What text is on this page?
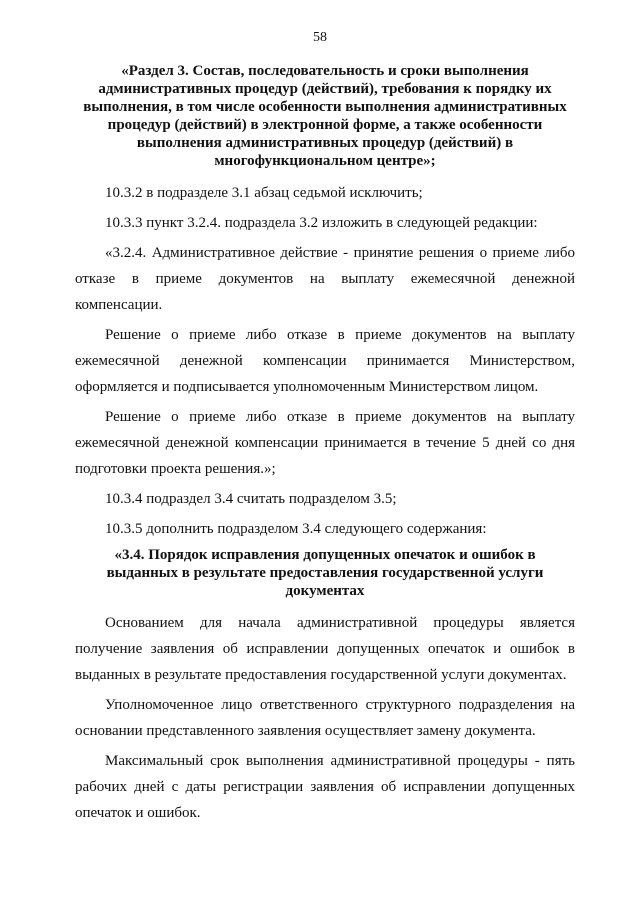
58
«Раздел 3. Состав, последовательность и сроки выполнения административных процедур (действий), требования к порядку их выполнения, в том числе особенности выполнения административных процедур (действий) в электронной форме, а также особенности выполнения административных процедур (действий) в многофункциональном центре»;
10.3.2 в подразделе 3.1 абзац седьмой исключить;
10.3.3 пункт 3.2.4. подраздела 3.2 изложить в следующей редакции:
«3.2.4. Административное действие - принятие решения о приеме либо
отказе в приеме документов на выплату ежемесячной денежной
компенсации.
Решение о приеме либо отказе в приеме документов на выплату
ежемесячной денежной компенсации принимается Министерством,
оформляется и подписывается уполномоченным Министерством лицом.
Решение о приеме либо отказе в приеме документов на выплату
ежемесячной денежной компенсации принимается в течение 5 дней со дня
подготовки проекта решения.»;
10.3.4 подраздел 3.4 считать подразделом 3.5;
10.3.5 дополнить подразделом 3.4 следующего содержания:
«3.4. Порядок исправления допущенных опечаток и ошибок в выданных в результате предоставления государственной услуги документах
Основанием для начала административной процедуры является
получение заявления об исправлении допущенных опечаток и ошибок в
выданных в результате предоставления государственной услуги документах.
Уполномоченное лицо ответственного структурного подразделения на
основании представленного заявления осуществляет замену документа.
Максимальный срок выполнения административной процедуры - пять
рабочих дней с даты регистрации заявления об исправлении допущенных
опечаток и ошибок.
